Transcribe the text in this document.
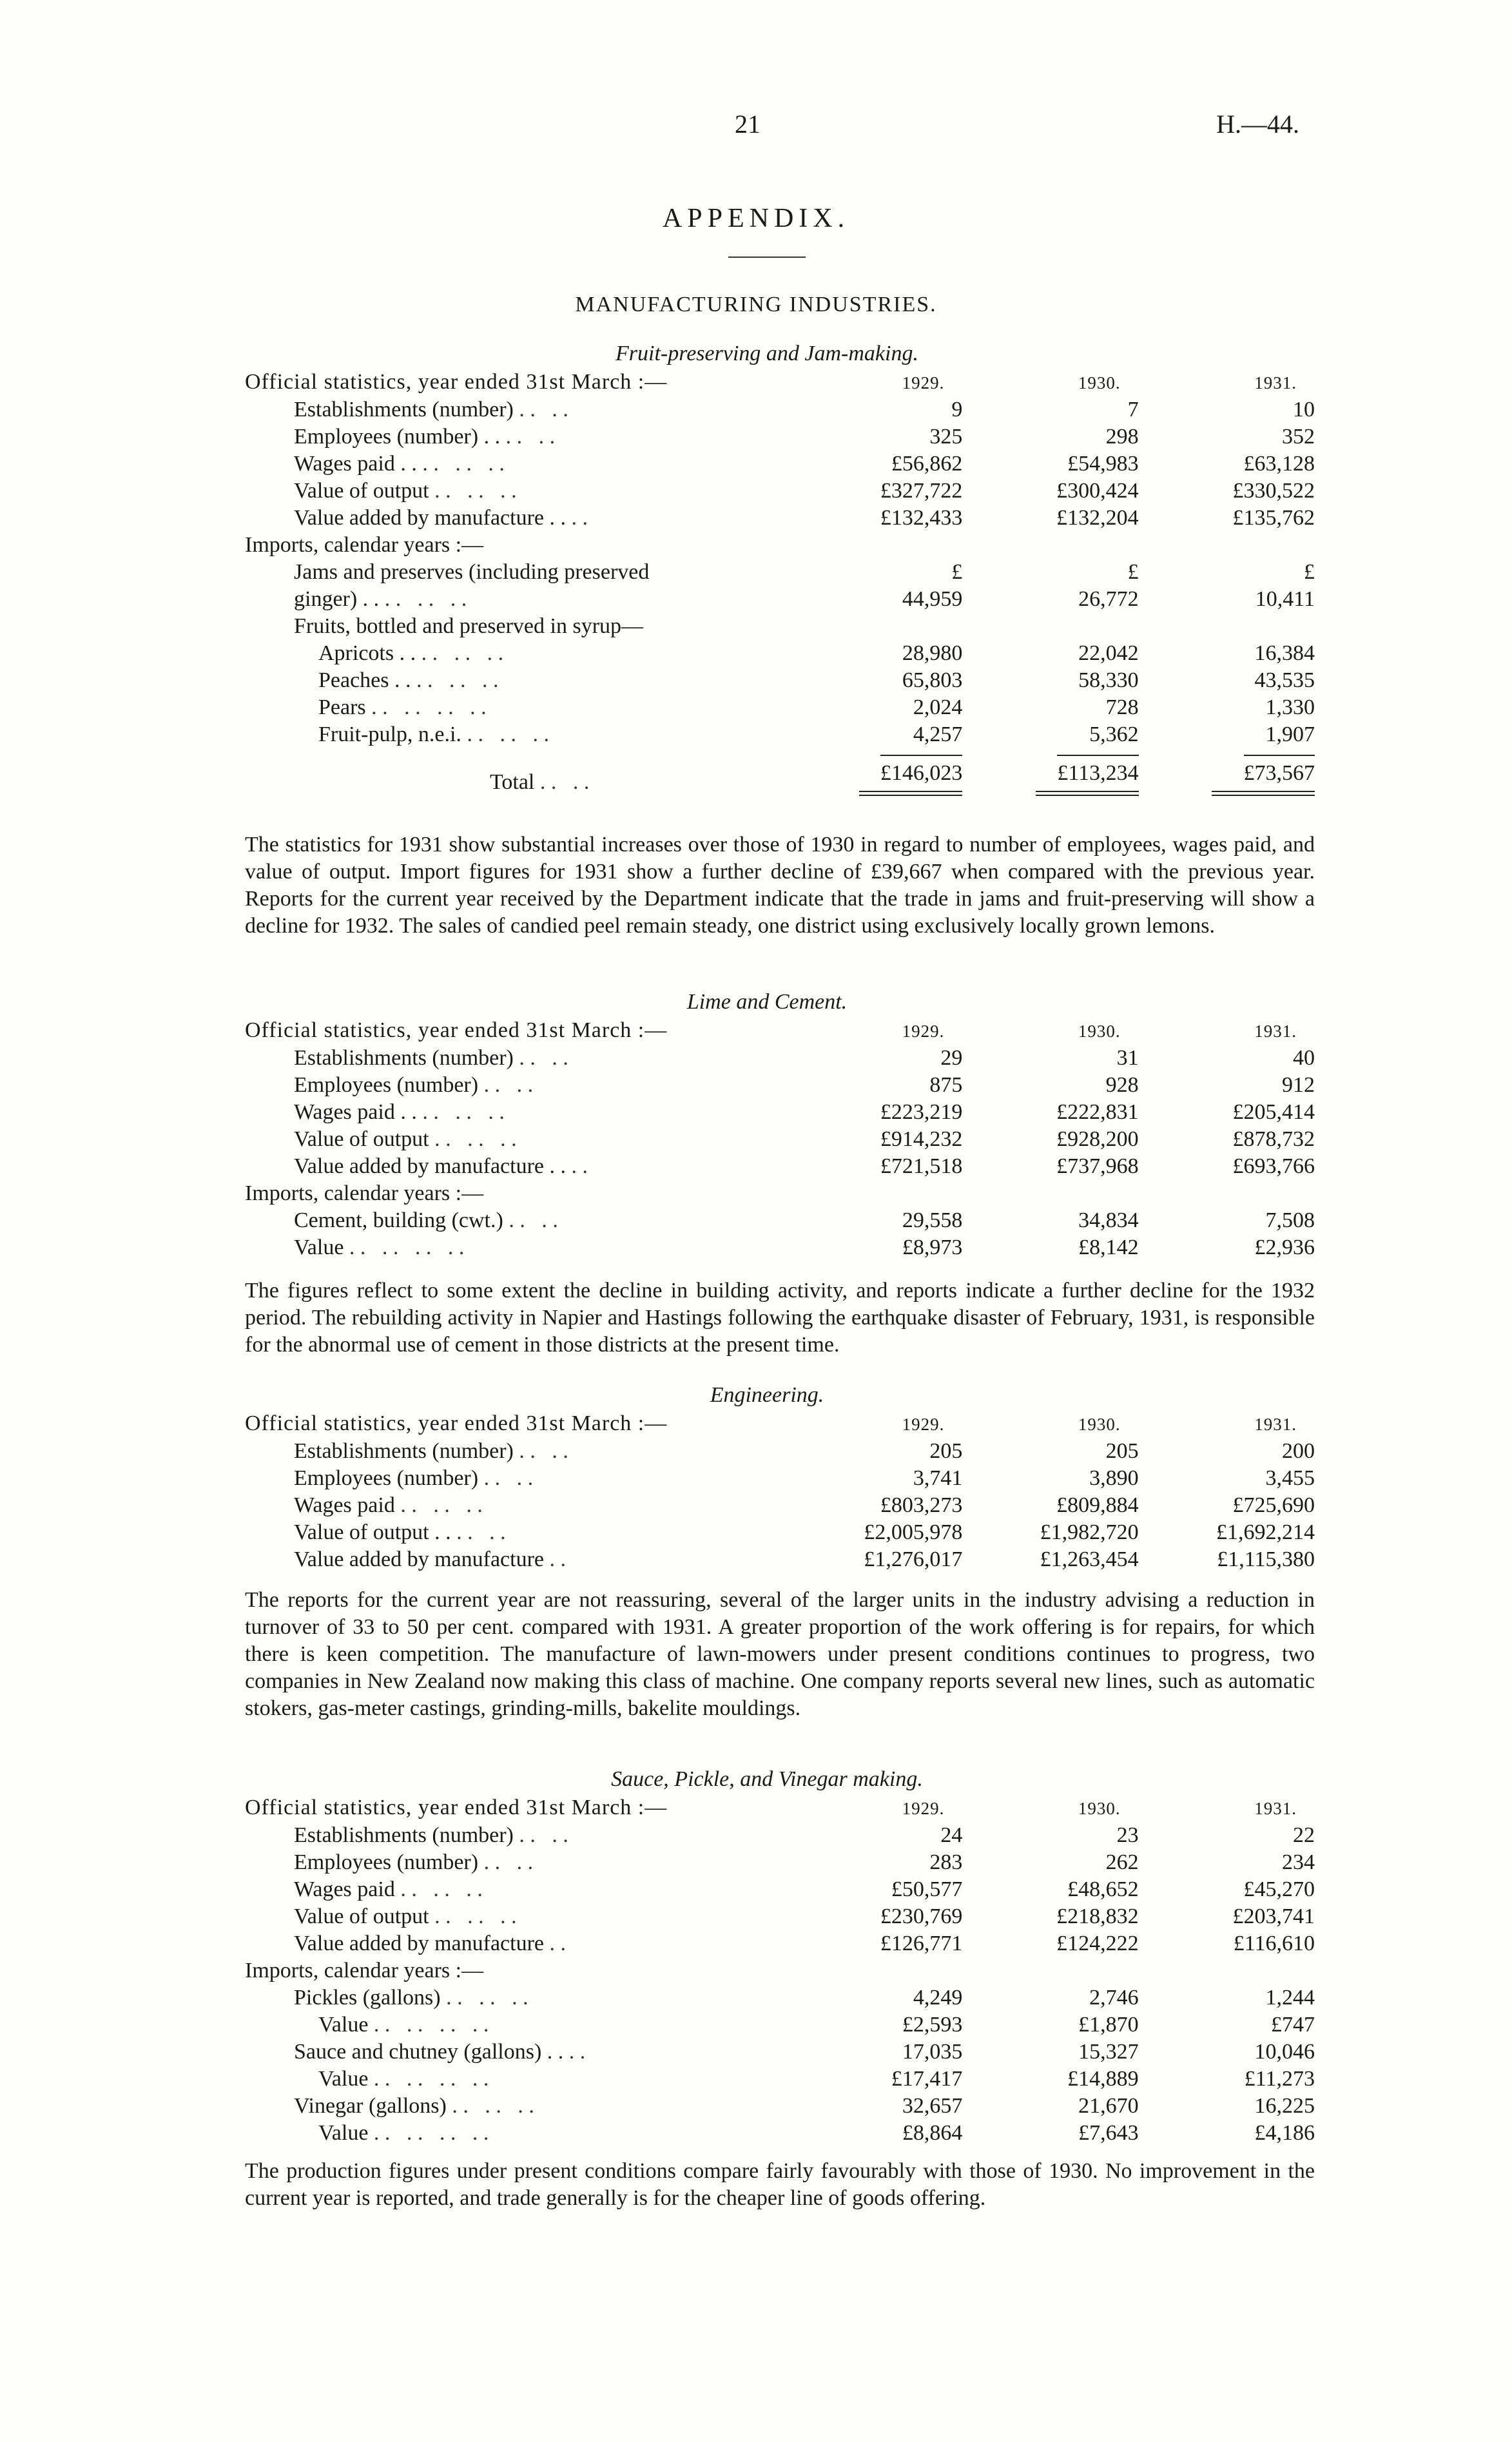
21	H.—44.
APPENDIX.
MANUFACTURING INDUSTRIES.
Fruit-preserving and Jam-making.
Official statistics, year ended 31st March :—	1929.	1930.	1931.
Establishments (number) . .   . .	9	7	10
Employees (number) . . . .   . .	325	298	352
Wages paid . . . .   . .   . .	£56,862	£54,983	£63,128
Value of output . .   . .   . .	£327,722	£300,424	£330,522
Value added by manufacture . . . .	£132,433	£132,204	£135,762
Imports, calendar years :—			
Jams and preserves (including preserved	£	£	£
ginger) . . . .   . .   . .	44,959	26,772	10,411
Fruits, bottled and preserved in syrup—			
Apricots . . . .   . .   . .	28,980	22,042	16,384
Peaches . . . .   . .   . .	65,803	58,330	43,535
Pears . .   . .   . .   . .	2,024	728	1,330
Fruit-pulp, n.e.i. . .   . .   . .	4,257	5,362	1,907
Total . .   . .	£146,023	£113,234	£73,567

The statistics for 1931 show substantial increases over those of 1930 in regard to number of employees, wages paid, and value of output. Import figures for 1931 show a further decline of £39,667 when compared with the previous year. Reports for the current year received by the Department indicate that the trade in jams and fruit-preserving will show a decline for 1932. The sales of candied peel remain steady, one district using exclusively locally grown lemons.

Lime and Cement.
Official statistics, year ended 31st March :—	1929.	1930.	1931.
Establishments (number) . .   . .	29	31	40
Employees (number) . .   . .	875	928	912
Wages paid . . . .   . .   . .	£223,219	£222,831	£205,414
Value of output . .   . .   . .	£914,232	£928,200	£878,732
Value added by manufacture . . . .	£721,518	£737,968	£693,766
Imports, calendar years :—			
Cement, building (cwt.) . .   . .	29,558	34,834	7,508
Value . .   . .   . .   . .	£8,973	£8,142	£2,936

The figures reflect to some extent the decline in building activity, and reports indicate a further decline for the 1932 period. The rebuilding activity in Napier and Hastings following the earthquake disaster of February, 1931, is responsible for the abnormal use of cement in those districts at the present time.

Engineering.
Official statistics, year ended 31st March :—	1929.	1930.	1931.
Establishments (number) . .   . .	205	205	200
Employees (number) . .   . .	3,741	3,890	3,455
Wages paid . .   . .   . .	£803,273	£809,884	£725,690
Value of output . . . .   . .	£2,005,978	£1,982,720	£1,692,214
Value added by manufacture . .	£1,276,017	£1,263,454	£1,115,380

The reports for the current year are not reassuring, several of the larger units in the industry advising a reduction in turnover of 33 to 50 per cent. compared with 1931. A greater proportion of the work offering is for repairs, for which there is keen competition. The manufacture of lawn-mowers under present conditions continues to progress, two companies in New Zealand now making this class of machine. One company reports several new lines, such as automatic stokers, gas-meter castings, grinding-mills, bakelite mouldings.

Sauce, Pickle, and Vinegar making.
Official statistics, year ended 31st March :—	1929.	1930.	1931.
Establishments (number) . .   . .	24	23	22
Employees (number) . .   . .	283	262	234
Wages paid . .   . .   . .	£50,577	£48,652	£45,270
Value of output . .   . .   . .	£230,769	£218,832	£203,741
Value added by manufacture . .	£126,771	£124,222	£116,610
Imports, calendar years :—			
Pickles (gallons) . .   . .   . .	4,249	2,746	1,244
Value . .   . .   . .   . .	£2,593	£1,870	£747
Sauce and chutney (gallons) . . . .	17,035	15,327	10,046
Value . .   . .   . .   . .	£17,417	£14,889	£11,273
Vinegar (gallons) . .   . .   . .	32,657	21,670	16,225
Value . .   . .   . .   . .	£8,864	£7,643	£4,186

The production figures under present conditions compare fairly favourably with those of 1930. No improvement in the current year is reported, and trade generally is for the cheaper line of goods offering.
